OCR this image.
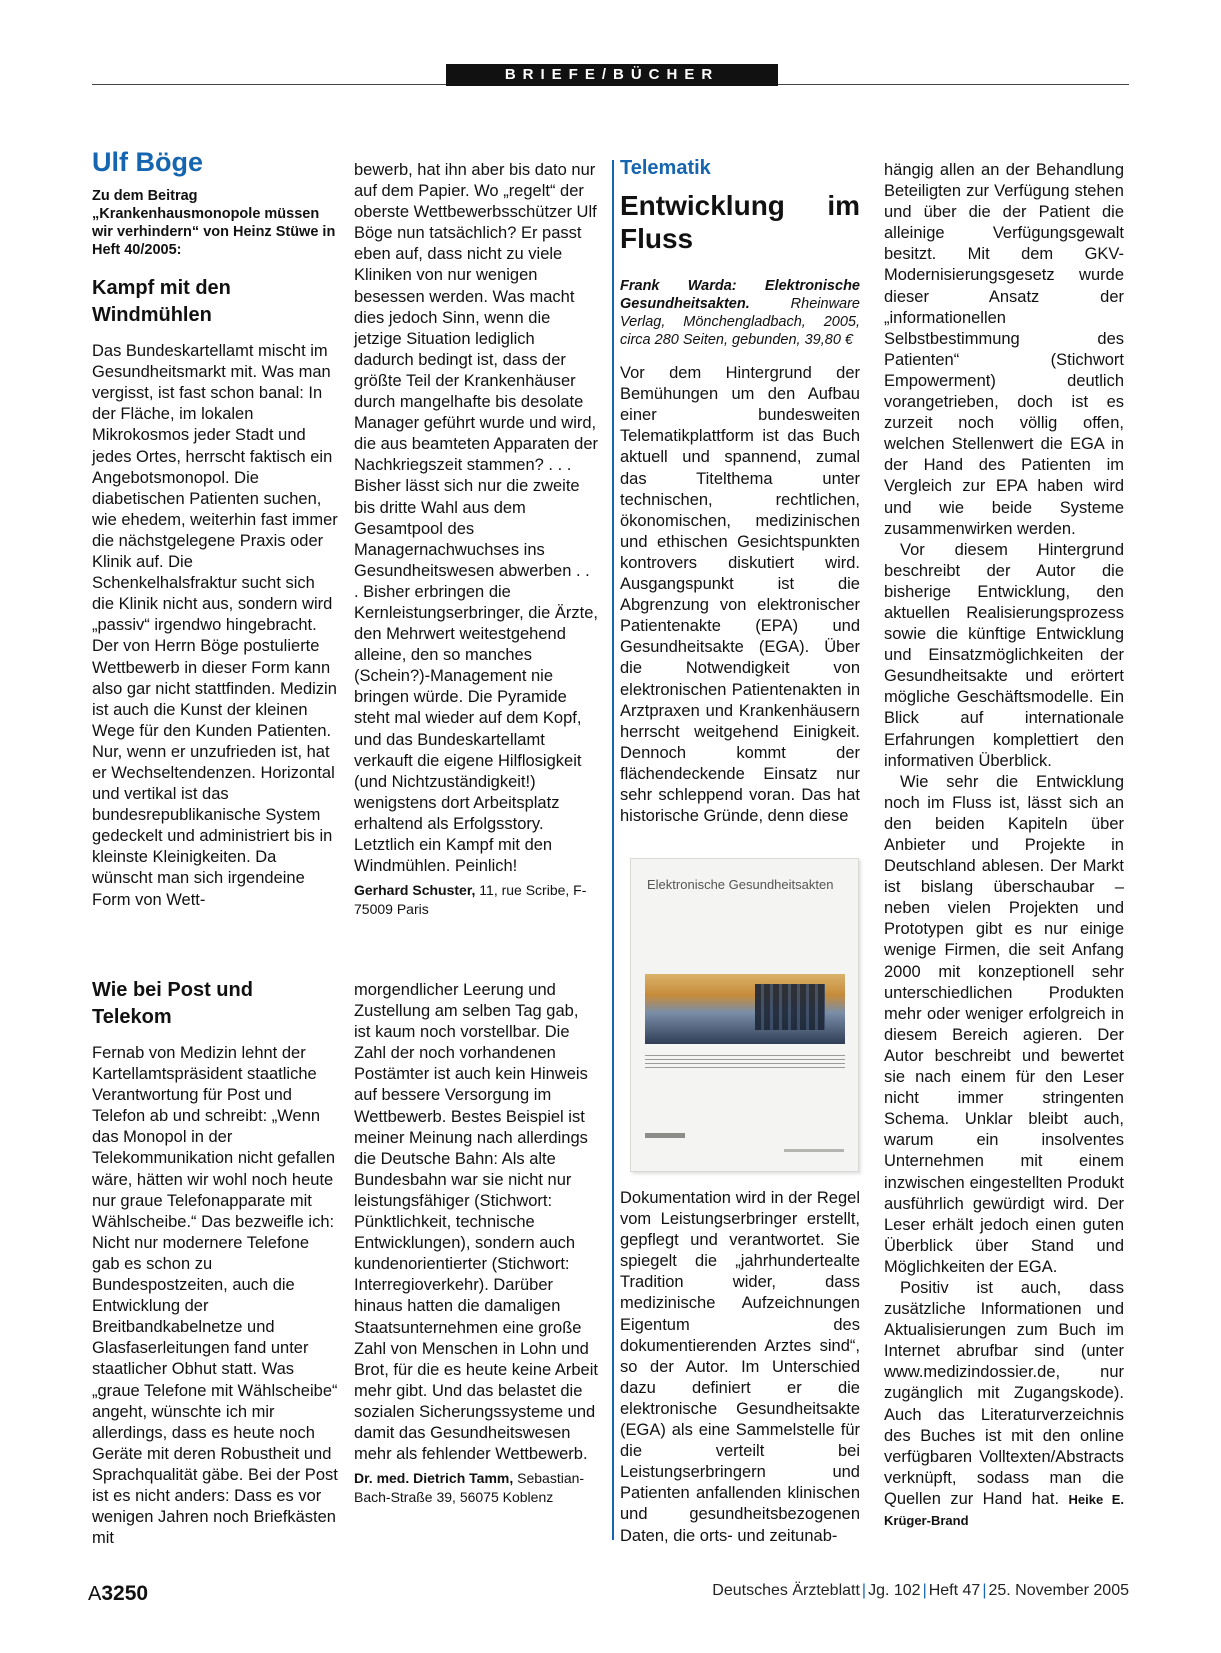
BRIEFE/BÜCHER
Ulf Böge
Zu dem Beitrag „Krankenhausmonopole müssen wir verhindern“ von Heinz Stüwe in Heft 40/2005:
Kampf mit den Windmühlen

Das Bundeskartellamt mischt im Gesundheitsmarkt mit. Was man vergisst, ist fast schon banal: In der Fläche, im lokalen Mikrokosmos jeder Stadt und jedes Ortes, herrscht faktisch ein Angebotsmonopol. Die diabetischen Patienten suchen, wie ehedem, weiterhin fast immer die nächstgelegene Praxis oder Klinik auf. Die Schenkelhalsfraktur sucht sich die Klinik nicht aus, sondern wird „passiv“ irgendwo hingebracht. Der von Herrn Böge postulierte Wettbewerb in dieser Form kann also gar nicht stattfinden. Medizin ist auch die Kunst der kleinen Wege für den Kunden Patienten. Nur, wenn er unzufrieden ist, hat er Wechseltendenzen. Horizontal und vertikal ist das bundesrepublikanische System gedeckelt und administriert bis in kleinste Kleinigkeiten. Da wünscht man sich irgendeine Form von Wett-

bewerb, hat ihn aber bis dato nur auf dem Papier. Wo „regelt“ der oberste Wettbewerbsschützer Ulf Böge nun tatsächlich? Er passt eben auf, dass nicht zu viele Kliniken von nur wenigen besessen werden. Was macht dies jedoch Sinn, wenn die jetzige Situation lediglich dadurch bedingt ist, dass der größte Teil der Krankenhäuser durch mangelhafte bis desolate Manager geführt wurde und wird, die aus beamteten Apparaten der Nachkriegszeit stammen? . . . Bisher lässt sich nur die zweite bis dritte Wahl aus dem Gesamtpool des Managernachwuchses ins Gesundheitswesen abwerben . . . Bisher erbringen die Kernleistungserbringer, die Ärzte, den Mehrwert weitestgehend alleine, den so manches (Schein?)-Management nie bringen würde. Die Pyramide steht mal wieder auf dem Kopf, und das Bundeskartellamt verkauft die eigene Hilflosigkeit (und Nichtzuständigkeit!) wenigstens dort Arbeitsplatz erhaltend als Erfolgsstory. Letztlich ein Kampf mit den Windmühlen. Peinlich!

Gerhard Schuster, 11, rue Scribe, F-75009 Paris
Wie bei Post und Telekom

Fernab von Medizin lehnt der Kartellamtspräsident staatliche Verantwortung für Post und Telefon ab und schreibt: „Wenn das Monopol in der Telekommunikation nicht gefallen wäre, hätten wir wohl noch heute nur graue Telefonapparate mit Wählscheibe.“ Das bezweifle ich: Nicht nur modernere Telefone gab es schon zu Bundespostzeiten, auch die Entwicklung der Breitbandkabelnetze und Glasfaserleitungen fand unter staatlicher Obhut statt. Was „graue Telefone mit Wählscheibe“ angeht, wünschte ich mir allerdings, dass es heute noch Geräte mit deren Robustheit und Sprachqualität gäbe. Bei der Post ist es nicht anders: Dass es vor wenigen Jahren noch Briefkästen mit

morgendlicher Leerung und Zustellung am selben Tag gab, ist kaum noch vorstellbar. Die Zahl der noch vorhandenen Postämter ist auch kein Hinweis auf bessere Versorgung im Wettbewerb. Bestes Beispiel ist meiner Meinung nach allerdings die Deutsche Bahn: Als alte Bundesbahn war sie nicht nur leistungsfähiger (Stichwort: Pünktlichkeit, technische Entwicklungen), sondern auch kundenorientierter (Stichwort: Interregioverkehr). Darüber hinaus hatten die damaligen Staatsunternehmen eine große Zahl von Menschen in Lohn und Brot, für die es heute keine Arbeit mehr gibt. Und das belastet die sozialen Sicherungssysteme und damit das Gesundheitswesen mehr als fehlender Wettbewerb.

Dr. med. Dietrich Tamm, Sebastian-Bach-Straße 39, 56075 Koblenz
Telematik
Entwicklung im Fluss
Frank Warda: Elektronische Gesundheitsakten. Rheinware Verlag, Mönchengladbach, 2005, circa 280 Seiten, gebunden, 39,80 €

Vor dem Hintergrund der Bemühungen um den Aufbau einer bundesweiten Telematikplattform ist das Buch aktuell und spannend, zumal das Titelthema unter technischen, rechtlichen, ökonomischen, medizinischen und ethischen Gesichtspunkten kontrovers diskutiert wird. Ausgangspunkt ist die Abgrenzung von elektronischer Patientenakte (EPA) und Gesundheitsakte (EGA). Über die Notwendigkeit von elektronischen Patientenakten in Arztpraxen und Krankenhäusern herrscht weitgehend Einigkeit. Dennoch kommt der flächendeckende Einsatz nur sehr schleppend voran. Das hat historische Gründe, denn diese

Elektronische Gesundheitsakten

Dokumentation wird in der Regel vom Leistungserbringer erstellt, gepflegt und verantwortet. Sie spiegelt die „jahrhundertealte Tradition wider, dass medizinische Aufzeichnungen Eigentum des dokumentierenden Arztes sind“, so der Autor. Im Unterschied dazu definiert er die elektronische Gesundheitsakte (EGA) als eine Sammelstelle für die verteilt bei Leistungserbringern und Patienten anfallenden klinischen und gesundheitsbezogenen Daten, die orts- und zeitunab-

hängig allen an der Behandlung Beteiligten zur Verfügung stehen und über die der Patient die alleinige Verfügungsgewalt besitzt. Mit dem GKV-Modernisierungsgesetz wurde dieser Ansatz der „informationellen Selbstbestimmung des Patienten“ (Stichwort Empowerment) deutlich vorangetrieben, doch ist es zurzeit noch völlig offen, welchen Stellenwert die EGA in der Hand des Patienten im Vergleich zur EPA haben wird und wie beide Systeme zusammenwirken werden.

Vor diesem Hintergrund beschreibt der Autor die bisherige Entwicklung, den aktuellen Realisierungsprozess sowie die künftige Entwicklung und Einsatzmöglichkeiten der Gesundheitsakte und erörtert mögliche Geschäftsmodelle. Ein Blick auf internationale Erfahrungen komplettiert den informativen Überblick.

Wie sehr die Entwicklung noch im Fluss ist, lässt sich an den beiden Kapiteln über Anbieter und Projekte in Deutschland ablesen. Der Markt ist bislang überschaubar – neben vielen Projekten und Prototypen gibt es nur einige wenige Firmen, die seit Anfang 2000 mit konzeptionell sehr unterschiedlichen Produkten mehr oder weniger erfolgreich in diesem Bereich agieren. Der Autor beschreibt und bewertet sie nach einem für den Leser nicht immer stringenten Schema. Unklar bleibt auch, warum ein insolventes Unternehmen mit einem inzwischen eingestellten Produkt ausführlich gewürdigt wird. Der Leser erhält jedoch einen guten Überblick über Stand und Möglichkeiten der EGA.

Positiv ist auch, dass zusätzliche Informationen und Aktualisierungen zum Buch im Internet abrufbar sind (unter www.medizindossier.de, nur zugänglich mit Zugangskode). Auch das Literaturverzeichnis des Buches ist mit den online verfügbaren Volltexten/Abstracts verknüpft, sodass man die Quellen zur Hand hat. Heike E. Krüger-Brand

A3250	Deutsches Ärzteblatt | Jg. 102 | Heft 47 | 25. November 2005
